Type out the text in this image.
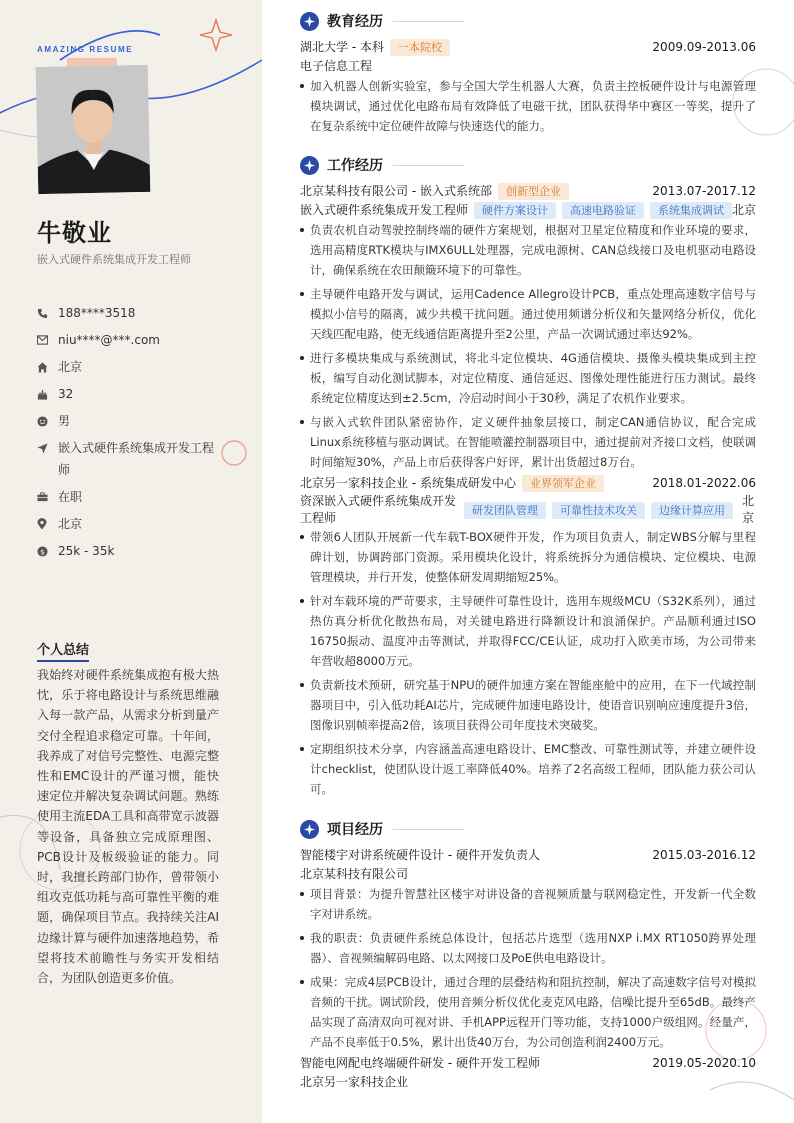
AMAZING RESUME
牛敬业
嵌入式硬件系统集成开发工程师
188****3518
niu****@***.com
北京
32
男
嵌入式硬件系统集成开发工程师
在职
北京
$ 25k - 35k
个人总结
我始终对硬件系统集成抱有极大热忱，乐于将电路设计与系统思维融入每一款产品，从需求分析到量产交付全程追求稳定可靠。十年间，我养成了对信号完整性、电源完整性和EMC设计的严谨习惯，能快速定位并解决复杂调试问题。熟练使用主流EDA工具和高带宽示波器等设备，具备独立完成原理图、PCB设计及板级验证的能力。同时，我擅长跨部门协作，曾带领小组攻克低功耗与高可靠性平衡的难题，确保项目节点。我持续关注AI边缘计算与硬件加速落地趋势，希望将技术前瞻性与务实开发相结合，为团队创造更多价值。
教育经历
湖北大学 - 本科	一本院校	2009.09-2013.06
电子信息工程
加入机器人创新实验室，参与全国大学生机器人大赛，负责主控板硬件设计与电源管理模块调试，通过优化电路布局有效降低了电磁干扰，团队获得华中赛区一等奖，提升了在复杂系统中定位硬件故障与快速迭代的能力。
工作经历
北京某科技有限公司 - 嵌入式系统部	创新型企业	2013.07-2017.12
嵌入式硬件系统集成开发工程师	硬件方案设计	高速电路验证	系统集成调试 北京
负责农机自动驾驶控制终端的硬件方案规划，根据对卫星定位精度和作业环境的要求，选用高精度RTK模块与IMX6ULL处理器，完成电源树、CAN总线接口及电机驱动电路设计，确保系统在农田颠簸环境下的可靠性。
主导硬件电路开发与调试，运用Cadence Allegro设计PCB，重点处理高速数字信号与模拟小信号的隔离，减少共模干扰问题。通过使用频谱分析仪和矢量网络分析仪，优化天线匹配电路，使无线通信距离提升至2公里，产品一次调试通过率达92%。
进行多模块集成与系统测试，将北斗定位模块、4G通信模块、摄像头模块集成到主控板，编写自动化测试脚本，对定位精度、通信延迟、图像处理性能进行压力测试。最终系统定位精度达到±2.5cm，冷启动时间小于30秒，满足了农机作业要求。
与嵌入式软件团队紧密协作，定义硬件抽象层接口，制定CAN通信协议，配合完成Linux系统移植与驱动调试。在智能喷灌控制器项目中，通过提前对齐接口文档，使联调时间缩短30%，产品上市后获得客户好评，累计出货超过8万台。
北京另一家科技企业 - 系统集成研发中心	业界领军企业	2018.01-2022.06
资深嵌入式硬件系统集成开发工程师
研发团队管理	可靠性技术攻关	边缘计算应用
北京
带领6人团队开展新一代车载T-BOX硬件开发，作为项目负责人，制定WBS分解与里程碑计划，协调跨部门资源。采用模块化设计，将系统拆分为通信模块、定位模块、电源管理模块，并行开发，使整体研发周期缩短25%。
针对车载环境的严苛要求，主导硬件可靠性设计，选用车规级MCU（S32K系列），通过热仿真分析优化散热布局，对关键电路进行降额设计和浪涌保护。产品顺利通过ISO 16750振动、温度冲击等测试，并取得FCC/CE认证，成功打入欧美市场，为公司带来年营收超8000万元。
负责新技术预研，研究基于NPU的硬件加速方案在智能座舱中的应用，在下一代域控制器项目中，引入低功耗AI芯片，完成硬件加速电路设计，使语音识别响应速度提升3倍，图像识别帧率提高2倍，该项目获得公司年度技术突破奖。
定期组织技术分享，内容涵盖高速电路设计、EMC整改、可靠性测试等，并建立硬件设计checklist，使团队设计返工率降低40%。培养了2名高级工程师，团队能力获公司认可。
项目经历
智能楼宇对讲系统硬件设计 - 硬件开发负责人	2015.03-2016.12
北京某科技有限公司
项目背景：为提升智慧社区楼宇对讲设备的音视频质量与联网稳定性，开发新一代全数字对讲系统。
我的职责：负责硬件系统总体设计，包括芯片选型（选用NXP i.MX RT1050跨界处理器）、音视频编解码电路、以太网接口及PoE供电电路设计。
成果：完成4层PCB设计，通过合理的层叠结构和阻抗控制，解决了高速数字信号对模拟音频的干扰。调试阶段，使用音频分析仪优化麦克风电路，信噪比提升至65dB。最终产品实现了高清双向可视对讲、手机APP远程开门等功能，支持1000户级组网。经量产，产品不良率低于0.5%，累计出货40万台，为公司创造利润2400万元。
智能电网配电终端硬件研发 - 硬件开发工程师	2019.05-2020.10
北京另一家科技企业
